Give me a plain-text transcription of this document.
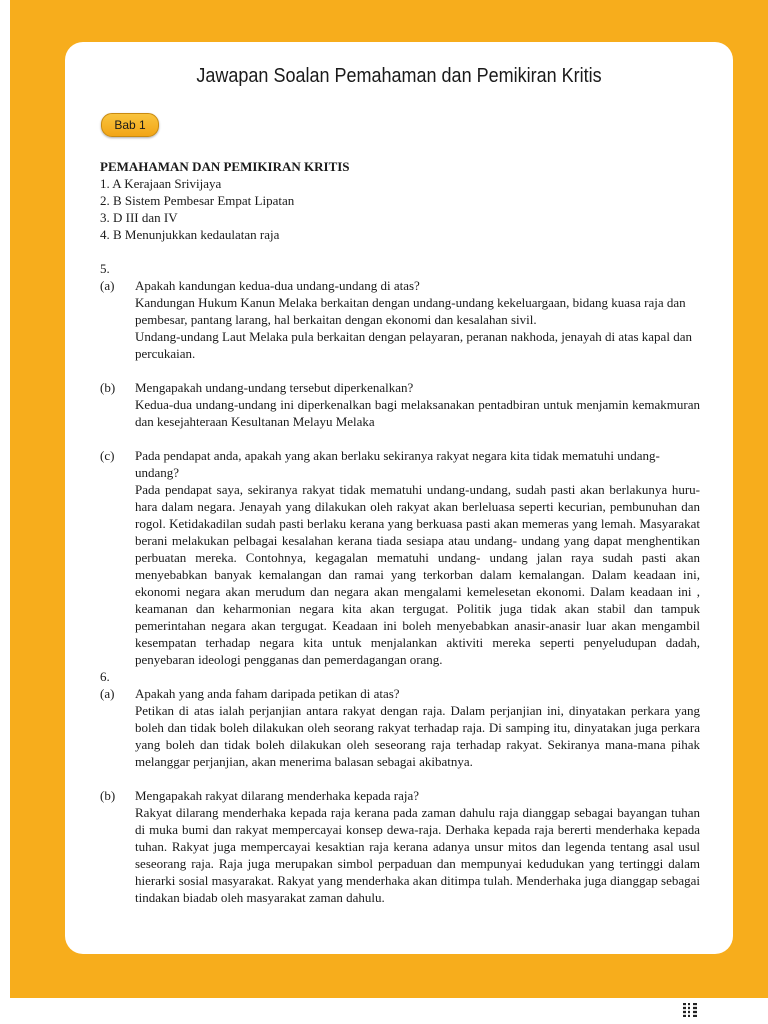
Jawapan Soalan Pemahaman dan Pemikiran Kritis
Bab 1

PEMAHAMAN DAN PEMIKIRAN KRITIS

1. A Kerajaan Srivijaya

2. B Sistem Pembesar Empat Lipatan

3. D III dan IV

4. B Menunjukkan kedaulatan raja

5.

(a)	Apakah kandungan kedua-dua undang-undang di atas?

Kandungan Hukum Kanun Melaka berkaitan dengan undang-undang kekeluargaan, bidang kuasa raja dan pembesar, pantang larang, hal berkaitan dengan ekonomi dan kesalahan sivil.

Undang-undang Laut Melaka pula berkaitan dengan pelayaran, peranan nakhoda, jenayah di atas kapal dan percukaian.

(b)	Mengapakah undang-undang tersebut diperkenalkan?

Kedua-dua undang-undang ini diperkenalkan bagi melaksanakan pentadbiran untuk menjamin kemakmuran dan kesejahteraan Kesultanan Melayu Melaka

(c)	Pada pendapat anda, apakah yang akan berlaku sekiranya rakyat negara kita tidak mematuhi undang-undang?

Pada pendapat saya, sekiranya rakyat tidak mematuhi undang-undang, sudah pasti akan berlakunya huru-hara dalam negara. Jenayah yang dilakukan oleh rakyat akan berleluasa seperti kecurian, pembunuhan dan rogol. Ketidakadilan sudah pasti berlaku kerana yang berkuasa pasti akan memeras yang lemah. Masyarakat berani melakukan pelbagai kesalahan kerana tiada sesiapa atau undang- undang yang dapat menghentikan perbuatan mereka. Contohnya, kegagalan mematuhi undang- undang jalan raya sudah pasti akan menyebabkan banyak kemalangan dan ramai yang terkorban dalam kemalangan. Dalam keadaan ini, ekonomi negara akan merudum dan negara akan mengalami kemelesetan ekonomi. Dalam keadaan ini , keamanan dan keharmonian negara kita akan tergugat. Politik juga tidak akan stabil dan tampuk pemerintahan negara akan tergugat. Keadaan ini boleh menyebabkan anasir-anasir luar akan mengambil kesempatan terhadap negara kita untuk menjalankan aktiviti mereka seperti penyeludupan dadah, penyebaran ideologi pengganas dan pemerdagangan orang.

6.

(a)	Apakah yang anda faham daripada petikan di atas?

Petikan di atas ialah perjanjian antara rakyat dengan raja. Dalam perjanjian ini, dinyatakan perkara yang boleh dan tidak boleh dilakukan oleh seorang rakyat terhadap raja. Di samping itu, dinyatakan juga perkara yang boleh dan tidak boleh dilakukan oleh seseorang raja terhadap rakyat. Sekiranya mana-mana pihak melanggar perjanjian, akan menerima balasan sebagai akibatnya.

(b)	Mengapakah rakyat dilarang menderhaka kepada raja?

Rakyat dilarang menderhaka kepada raja kerana pada zaman dahulu raja dianggap sebagai bayangan tuhan di muka bumi dan rakyat mempercayai konsep dewa-raja. Derhaka kepada raja bererti menderhaka kepada tuhan. Rakyat juga mempercayai kesaktian raja kerana adanya unsur mitos dan legenda tentang asal usul seseorang raja. Raja juga merupakan simbol perpaduan dan mempunyai kedudukan yang tertinggi dalam hierarki sosial masyarakat. Rakyat yang menderhaka akan ditimpa tulah. Menderhaka juga dianggap sebagai tindakan biadab oleh masyarakat zaman dahulu.
